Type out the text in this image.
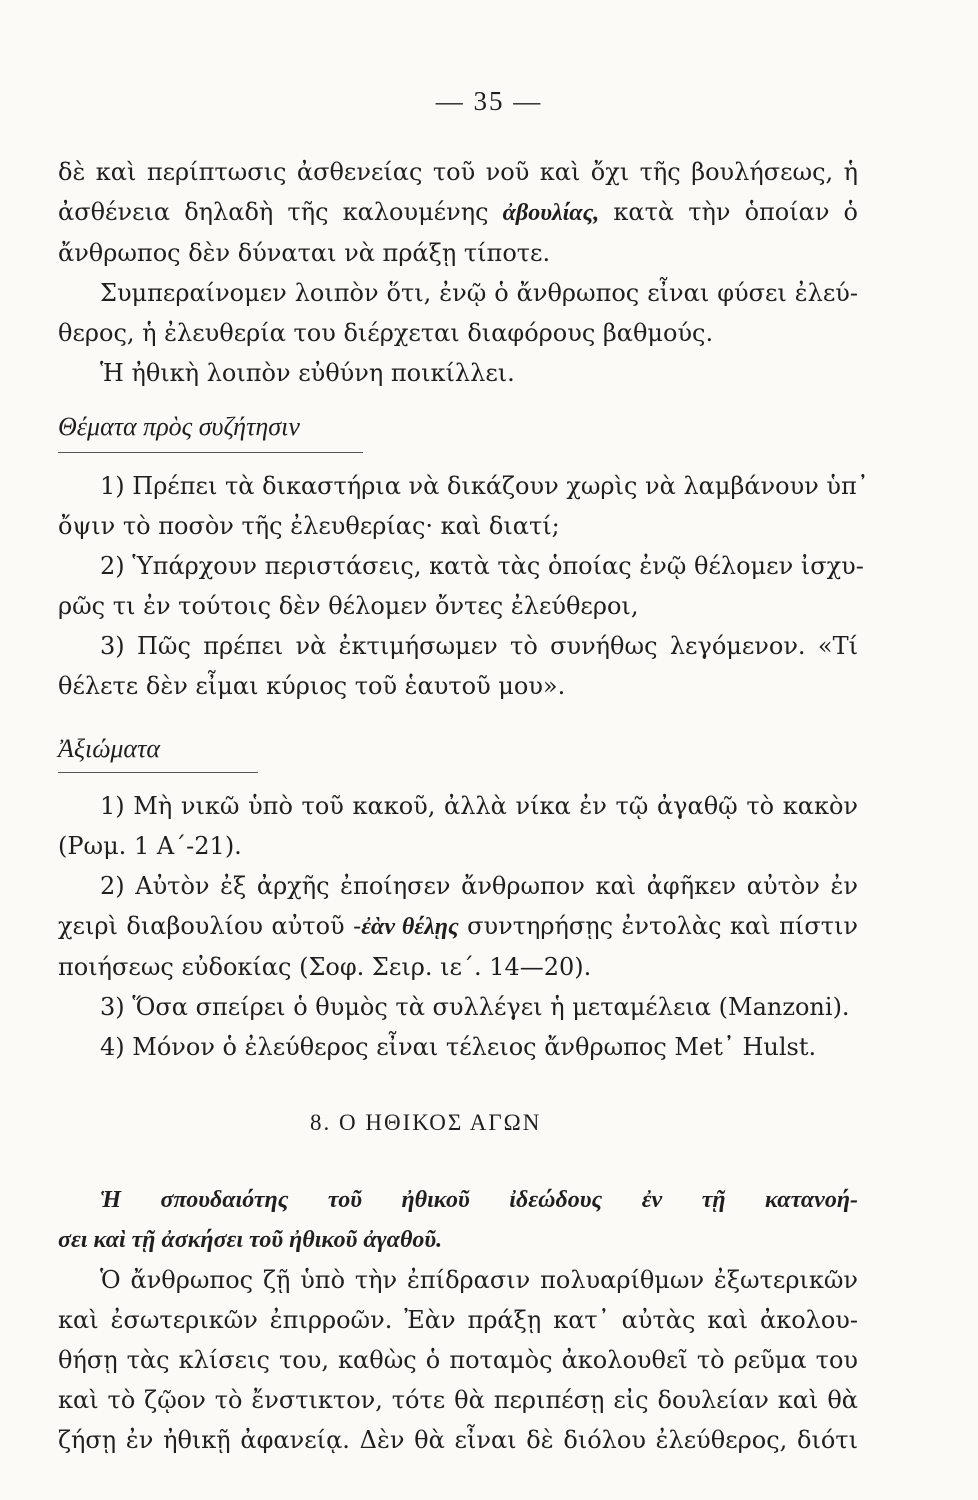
— 35 —
δὲ καὶ περίπτωσις ἀσθενείας τοῦ νοῦ καὶ ὄχι τῆς βουλήσεως, ἡ
ἀσθένεια δηλαδὴ τῆς καλουμένης ἀβουλίας, κατὰ τὴν ὁποίαν ὁ
ἄνθρωπος δὲν δύναται νὰ πράξῃ τίποτε.
Συμπεραίνομεν λοιπὸν ὅτι, ἐνῷ ὁ ἄνθρωπος εἶναι φύσει ἐλεύ-
θερος, ἡ ἐλευθερία του διέρχεται διαφόρους βαθμούς.
Ἡ ἠθικὴ λοιπὸν εὐθύνη ποικίλλει.
Θέματα πρὸς συζήτησιν
1) Πρέπει τὰ δικαστήρια νὰ δικάζουν χωρὶς νὰ λαμβάνουν ὑπ᾿
ὄψιν τὸ ποσὸν τῆς ἐλευθερίας· καὶ διατί;
2) Ὑπάρχουν περιστάσεις, κατὰ τὰς ὁποίας ἐνῷ θέλομεν ἰσχυ-
ρῶς τι ἐν τούτοις δὲν θέλομεν ὄντες ἐλεύθεροι,
3) Πῶς πρέπει νὰ ἐκτιμήσωμεν τὸ συνήθως λεγόμενον. «Τί
θέλετε δὲν εἶμαι κύριος τοῦ ἑαυτοῦ μου».
Ἀξιώματα
1) Μὴ νικῶ ὑπὸ τοῦ κακοῦ, ἀλλὰ νίκα ἐν τῷ ἀγαθῷ τὸ κακὸν
(Ρωμ. 1 Α΄-21).
2) Αὐτὸν ἐξ ἀρχῆς ἐποίησεν ἄνθρωπον καὶ ἀφῆκεν αὐτὸν ἐν
χειρὶ διαβουλίου αὐτοῦ -ἐὰν θέλῃς συντηρήσῃς ἐντολὰς καὶ πίστιν
ποιήσεως εὐδοκίας (Σοφ. Σειρ. ιε΄. 14—20).
3) Ὅσα σπείρει ὁ θυμὸς τὰ συλλέγει ἡ μεταμέλεια (Manzoni).
4) Μόνον ὁ ἐλεύθερος εἶναι τέλειος ἄνθρωπος Met᾿ Hulst.
8. Ο ΗΘΙΚΟΣ ΑΓΩΝ
Ἡ σπουδαιότης τοῦ ἠθικοῦ ἰδεώδους ἐν τῇ κατανοή-
σει καὶ τῇ ἀσκήσει τοῦ ἠθικοῦ ἀγαθοῦ.
Ὁ ἄνθρωπος ζῇ ὑπὸ τὴν ἐπίδρασιν πολυαρίθμων ἐξωτερικῶν
καὶ ἐσωτερικῶν ἐπιρροῶν. Ἐὰν πράξῃ κατ᾿ αὐτὰς καὶ ἀκολου-
θήσῃ τὰς κλίσεις του, καθὼς ὁ ποταμὸς ἀκολουθεῖ τὸ ρεῦμα του
καὶ τὸ ζῷον τὸ ἔνστικτον, τότε θὰ περιπέσῃ εἰς δουλείαν καὶ θὰ
ζήσῃ ἐν ἠθικῇ ἀφανείᾳ. Δὲν θὰ εἶναι δὲ διόλου ἐλεύθερος, διότι
